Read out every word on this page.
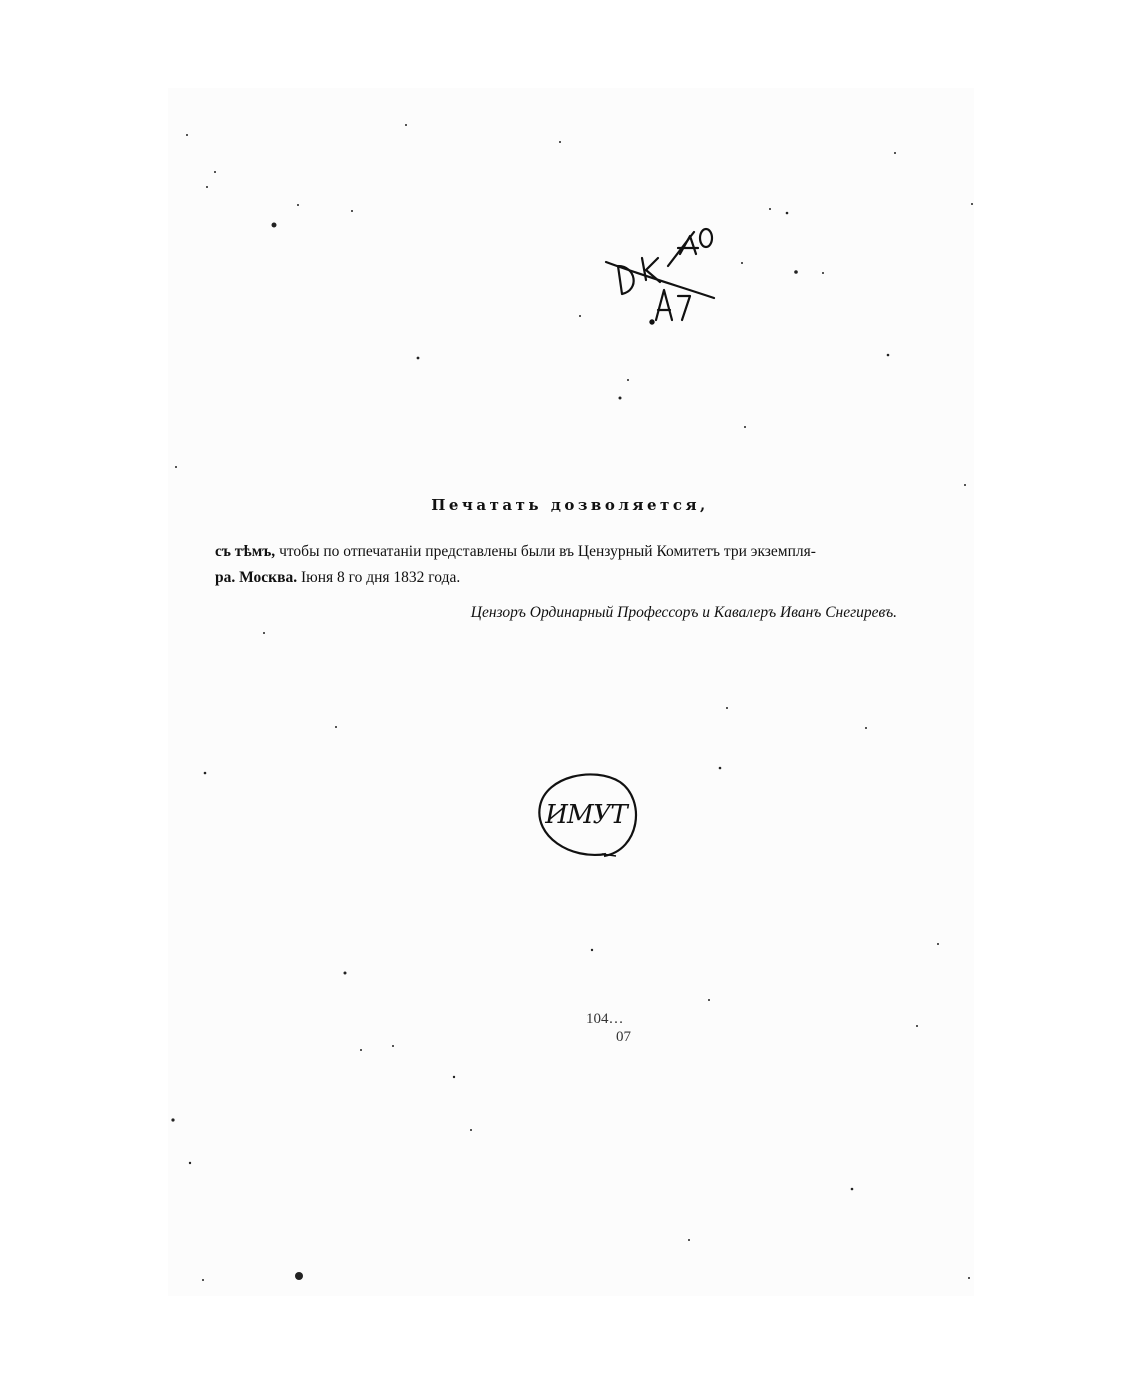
Печатать дозволяется,

съ тѣмъ, чтобы по отпечатаніи представлены были въ Цензурный Комитетъ три экземпля-
ра. Москва. Іюня 8 го дня 1832 года.

Цензоръ Ординарный Профессоръ и Кавалеръ Иванъ Снегиревъ.

ИМУТ

104…
07
